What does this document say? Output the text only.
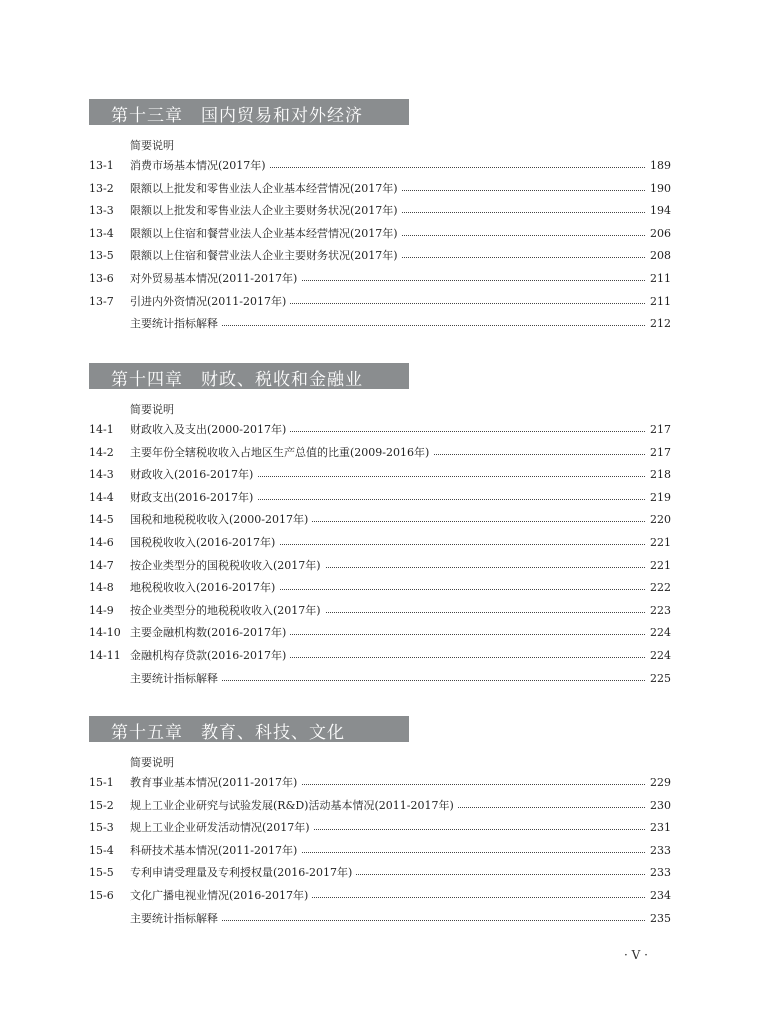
第十三章　国内贸易和对外经济
简要说明
13-1	消费市场基本情况(2017年)	189
13-2	限额以上批发和零售业法人企业基本经营情况(2017年)	190
13-3	限额以上批发和零售业法人企业主要财务状况(2017年)	194
13-4	限额以上住宿和餐营业法人企业基本经营情况(2017年)	206
13-5	限额以上住宿和餐营业法人企业主要财务状况(2017年)	208
13-6	对外贸易基本情况(2011-2017年)	211
13-7	引进内外资情况(2011-2017年)	211
主要统计指标解释	212
第十四章　财政、税收和金融业
简要说明
14-1	财政收入及支出(2000-2017年)	217
14-2	主要年份全辖税收收入占地区生产总值的比重(2009-2016年)	217
14-3	财政收入(2016-2017年)	218
14-4	财政支出(2016-2017年)	219
14-5	国税和地税税收收入(2000-2017年)	220
14-6	国税税收收入(2016-2017年)	221
14-7	按企业类型分的国税税收收入(2017年)	221
14-8	地税税收收入(2016-2017年)	222
14-9	按企业类型分的地税税收收入(2017年)	223
14-10 主要金融机构数(2016-2017年)	224
14-11 金融机构存贷款(2016-2017年)	224
主要统计指标解释	225
第十五章　教育、科技、文化
简要说明
15-1	教育事业基本情况(2011-2017年)	229
15-2	规上工业企业研究与试验发展(R&D)活动基本情况(2011-2017年)	230
15-3	规上工业企业研发活动情况(2017年)	231
15-4	科研技术基本情况(2011-2017年)	233
15-5	专利申请受理量及专利授权量(2016-2017年)	233
15-6	文化广播电视业情况(2016-2017年)	234
主要统计指标解释	235
· V ·
